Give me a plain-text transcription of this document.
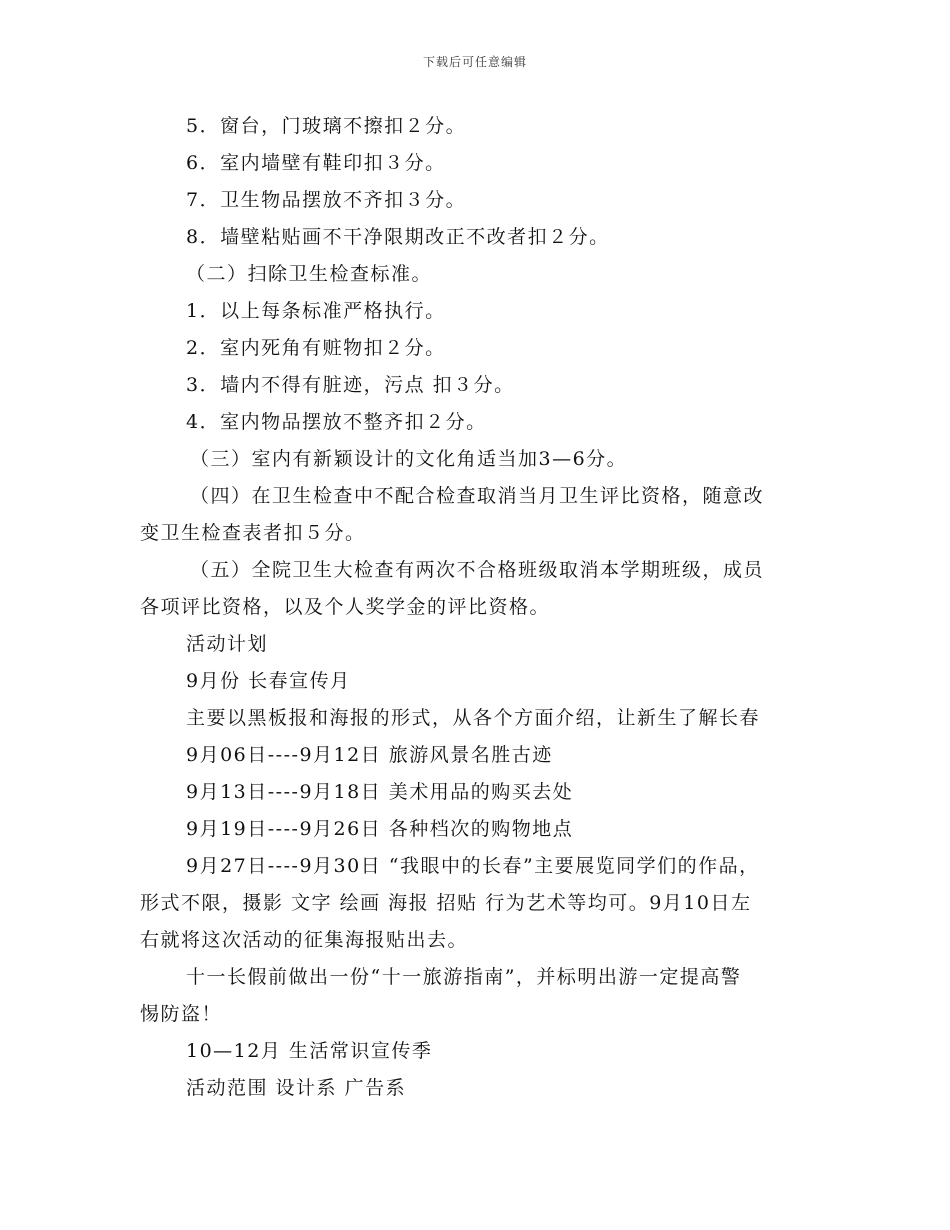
下载后可任意编辑
5．窗台，门玻璃不擦扣２分。
6．室内墙壁有鞋印扣３分。
7．卫生物品摆放不齐扣３分。
8．墙壁粘贴画不干净限期改正不改者扣２分。
（二）扫除卫生检查标准。
1．以上每条标准严格执行。
2．室内死角有赃物扣２分。
3．墙内不得有脏迹，污点 扣３分。
4．室内物品摆放不整齐扣２分。
（三）室内有新颖设计的文化角适当加3—6分。
（四）在卫生检查中不配合检查取消当月卫生评比资格，随意改
变卫生检查表者扣５分。
（五）全院卫生大检查有两次不合格班级取消本学期班级，成员
各项评比资格，以及个人奖学金的评比资格。
活动计划
9月份 长春宣传月
主要以黑板报和海报的形式，从各个方面介绍，让新生了解长春
9月06日----9月12日 旅游风景名胜古迹
9月13日----9月18日 美术用品的购买去处
9月19日----9月26日 各种档次的购物地点
9月27日----9月30日 “我眼中的长春”主要展览同学们的作品，
形式不限，摄影 文字 绘画 海报 招贴 行为艺术等均可。9月10日左
右就将这次活动的征集海报贴出去。
十一长假前做出一份“十一旅游指南”，并标明出游一定提高警
惕防盗！
10—12月 生活常识宣传季
活动范围 设计系 广告系
